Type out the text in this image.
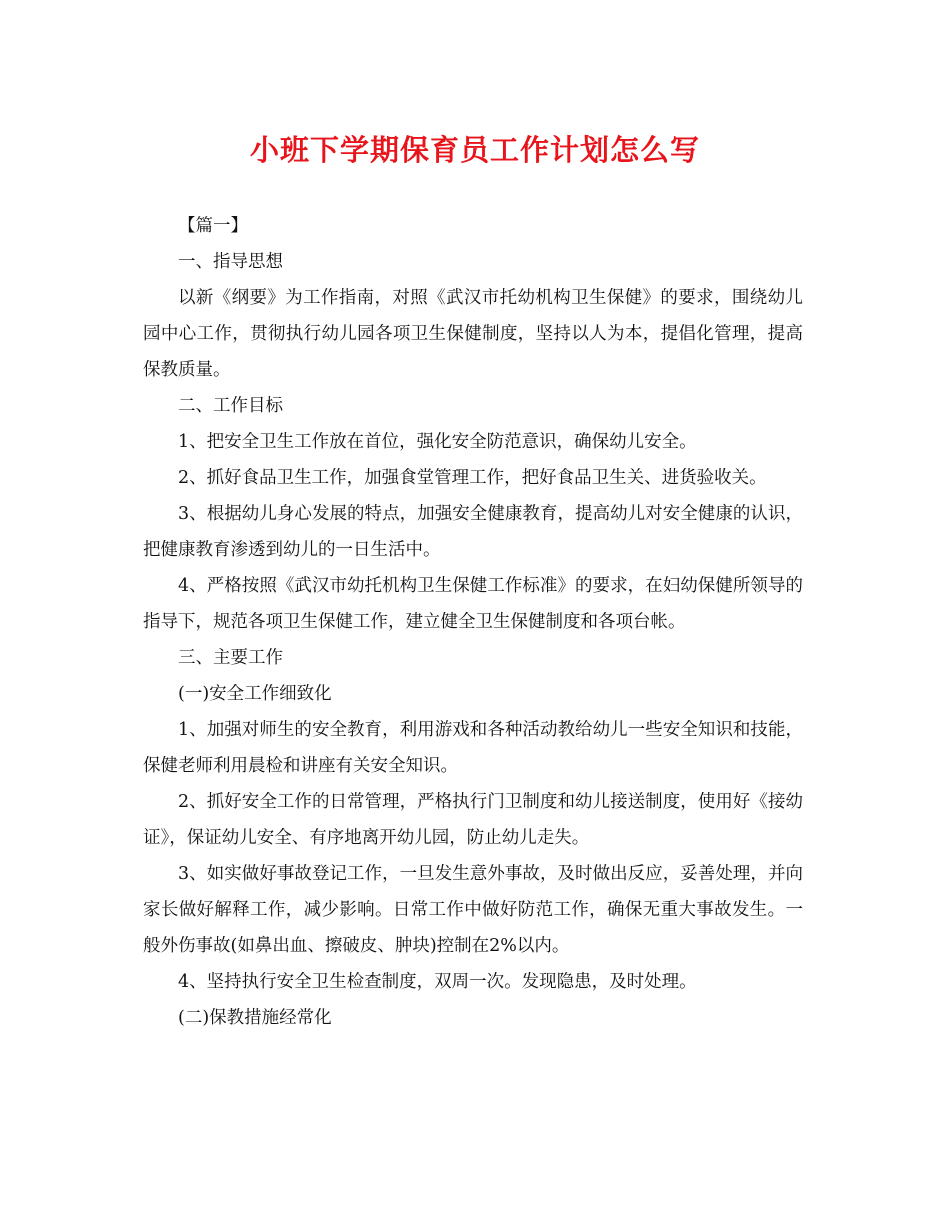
小班下学期保育员工作计划怎么写

【篇一】

一、指导思想

以新《纲要》为工作指南，对照《武汉市托幼机构卫生保健》的要求，围绕幼儿园中心工作，贯彻执行幼儿园各项卫生保健制度，坚持以人为本，提倡化管理，提高保教质量。

二、工作目标

1、把安全卫生工作放在首位，强化安全防范意识，确保幼儿安全。

2、抓好食品卫生工作，加强食堂管理工作，把好食品卫生关、进货验收关。

3、根据幼儿身心发展的特点，加强安全健康教育，提高幼儿对安全健康的认识，把健康教育渗透到幼儿的一日生活中。

4、严格按照《武汉市幼托机构卫生保健工作标准》的要求，在妇幼保健所领导的指导下，规范各项卫生保健工作，建立健全卫生保健制度和各项台帐。

三、主要工作

(一)安全工作细致化

1、加强对师生的安全教育，利用游戏和各种活动教给幼儿一些安全知识和技能，保健老师利用晨检和讲座有关安全知识。

2、抓好安全工作的日常管理，严格执行门卫制度和幼儿接送制度，使用好《接幼证》，保证幼儿安全、有序地离开幼儿园，防止幼儿走失。

3、如实做好事故登记工作，一旦发生意外事故，及时做出反应，妥善处理，并向家长做好解释工作，减少影响。日常工作中做好防范工作，确保无重大事故发生。一般外伤事故(如鼻出血、擦破皮、肿块)控制在2%以内。

4、坚持执行安全卫生检查制度，双周一次。发现隐患，及时处理。

(二)保教措施经常化
